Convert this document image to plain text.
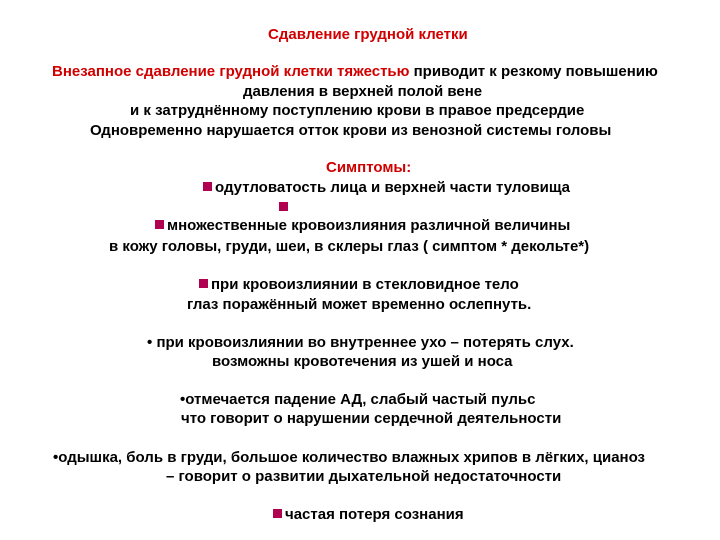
Сдавление грудной клетки
Внезапное сдавление грудной клетки тяжестью приводит к резкому повышению
давления в верхней полой вене
и к затруднённому поступлению крови в правое предсердие
Одновременно нарушается отток крови из венозной системы головы
Симптомы:
одутловатость лица и верхней части туловища
множественные кровоизлияния различной величины
в кожу головы, груди, шеи, в склеры глаз ( симптом * декольте*)
при кровоизлиянии в стекловидное тело
глаз поражённый может временно ослепнуть.
• при кровоизлиянии во внутреннее ухо – потерять слух.
возможны кровотечения из ушей и носа
•отмечается падение АД, слабый частый пульс
что говорит о нарушении сердечной деятельности
•одышка, боль в груди, большое количество влажных хрипов в лёгких, цианоз
– говорит о развитии дыхательной недостаточности
частая потеря сознания
